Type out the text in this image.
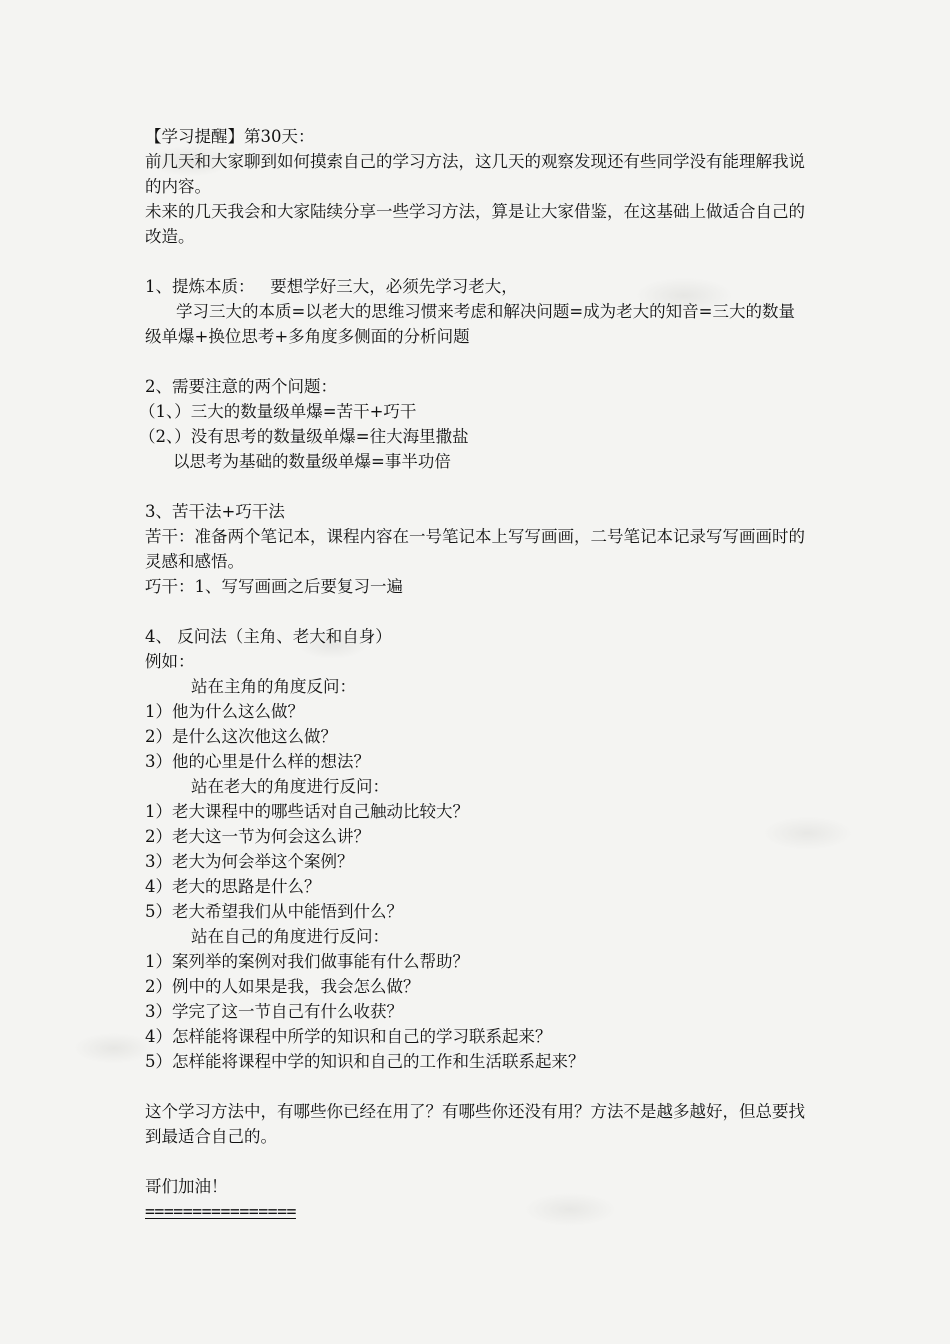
【学习提醒】第30天：
前几天和大家聊到如何摸索自己的学习方法，这几天的观察发现还有些同学没有能理解我说的内容。
未来的几天我会和大家陆续分享一些学习方法，算是让大家借鉴，在这基础上做适合自己的改造。
1、提炼本质：   要想学好三大，必须先学习老大，
学习三大的本质=以老大的思维习惯来考虑和解决问题=成为老大的知音=三大的数量级单爆+换位思考+多角度多侧面的分析问题
2、需要注意的两个问题：
（1、）三大的数量级单爆=苦干+巧干
（2、）没有思考的数量级单爆=往大海里撒盐
以思考为基础的数量级单爆=事半功倍
3、苦干法+巧干法
苦干：准备两个笔记本，课程内容在一号笔记本上写写画画，二号笔记本记录写写画画时的灵感和感悟。
巧干：1、写写画画之后要复习一遍
4、 反问法（主角、老大和自身）
例如：
站在主角的角度反问：
1）他为什么这么做？
2）是什么这次他这么做？
3）他的心里是什么样的想法？
站在老大的角度进行反问：
1）老大课程中的哪些话对自己触动比较大？
2）老大这一节为何会这么讲？
3）老大为何会举这个案例？
4）老大的思路是什么？
5）老大希望我们从中能悟到什么？
站在自己的角度进行反问：
1）案列举的案例对我们做事能有什么帮助？
2）例中的人如果是我，我会怎么做？
3）学完了这一节自己有什么收获？
4）怎样能将课程中所学的知识和自己的学习联系起来？
5）怎样能将课程中学的知识和自己的工作和生活联系起来？
这个学习方法中，有哪些你已经在用了？有哪些你还没有用？方法不是越多越好，但总要找到最适合自己的。
哥们加油！
================
